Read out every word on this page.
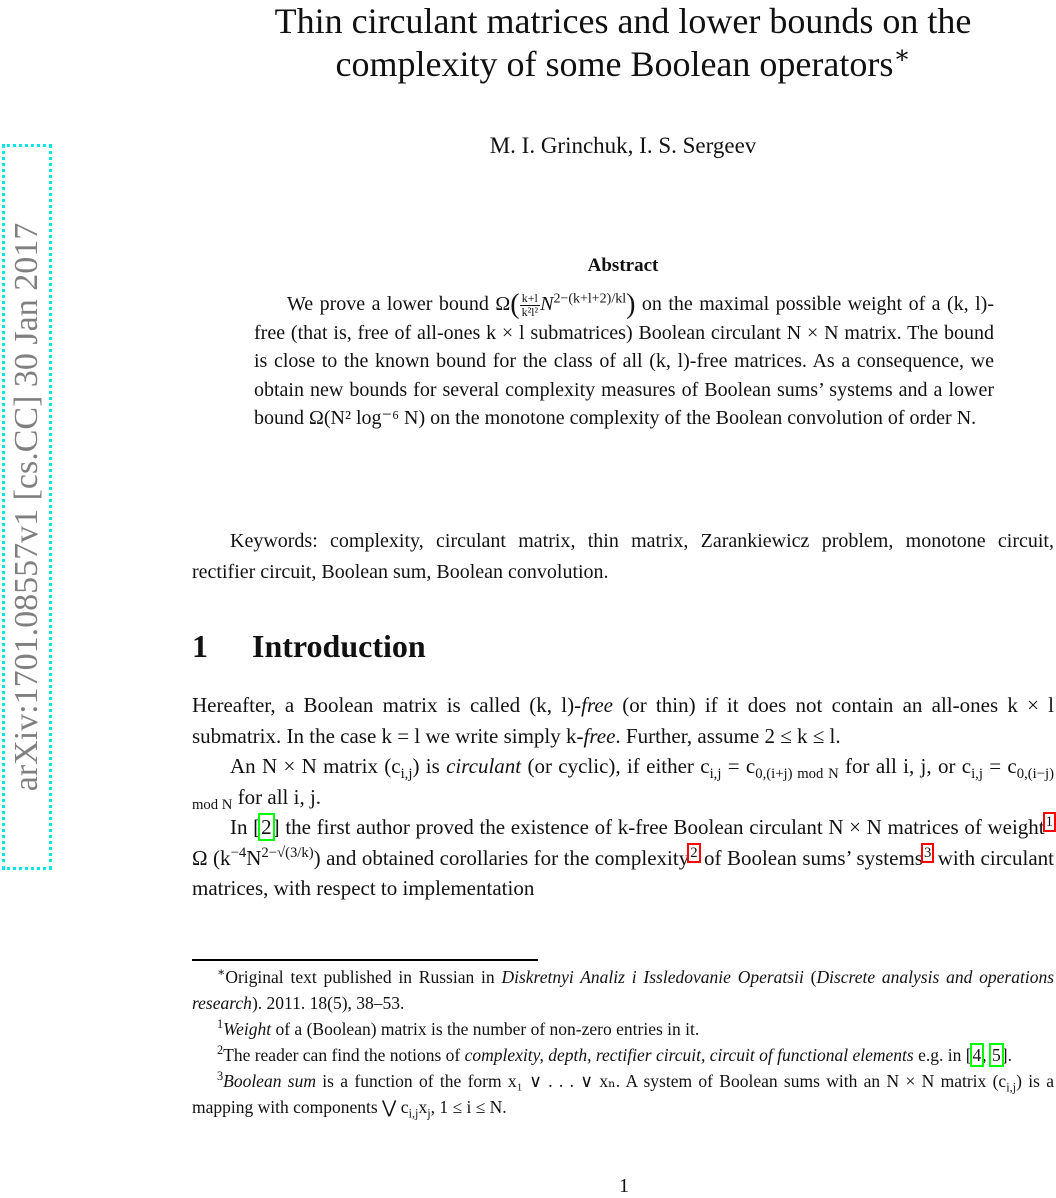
arXiv:1701.08557v1 [cs.CC] 30 Jan 2017
Thin circulant matrices and lower bounds on the
complexity of some Boolean operators∗
M. I. Grinchuk, I. S. Sergeev
Abstract
We prove a lower bound $\Omega( \frac{k+l}{\text{k²l²}} N^{2-(k+l+2)/kl})$ on the maximal possible weight of a (k, l)-free (that is, free of all-ones k × l submatrices) Boolean circulant N × N matrix. The bound is close to the known bound for the class of all (k, l)-free matrices. As a consequence, we obtain new bounds for several complexity measures of Boolean sums’ systems and a lower bound Ω(N² log⁻⁶ N) on the monotone complexity of the Boolean convolution of order N.
Keywords: complexity, circulant matrix, thin matrix, Zarankiewicz problem, monotone circuit, rectifier circuit, Boolean sum, Boolean convolution.
1 Introduction

Hereafter, a Boolean matrix is called (k, l)-free (or thin) if it does not contain an all-ones k × l submatrix. In the case k = l we write simply k-free. Further, assume 2 ≤ k ≤ l.

An N × N matrix $(c_{i,j})$ is circulant (or cyclic), if either $c_{i,j} = c_{0,(i+j) mod N}$ for all i, j, or $c_{i,j} = c_{0,(i-j) mod N}$ for all i, j.

In [2] the first author proved the existence of k-free Boolean circulant N × N matrices of weight$^1$ Ω $(k^{-4}N^{2-√(3/k)})$ and obtained corollaries for the complexity$^2$ of Boolean sums’ systems$^3$ with circulant matrices, with respect to implementation

∗Original text published in Russian in Diskretnyi Analiz i Issledovanie Operatsii (Discrete analysis and operations research). 2011. 18(5), 38–53.

$^1$Weight of a (Boolean) matrix is the number of non-zero entries in it.

$^2$The reader can find the notions of complexity, depth, rectifier circuit, circuit of functional elements e.g. in [4, 5].

$^3$Boolean sum is a function of the form x₁ ∨ . . . ∨ xₙ. A system of Boolean sums with an N × N matrix $(c_{i,j})$ is a mapping with components ⋁ $c_{i,j}x_j$, 1 ≤ i ≤ N.

1
